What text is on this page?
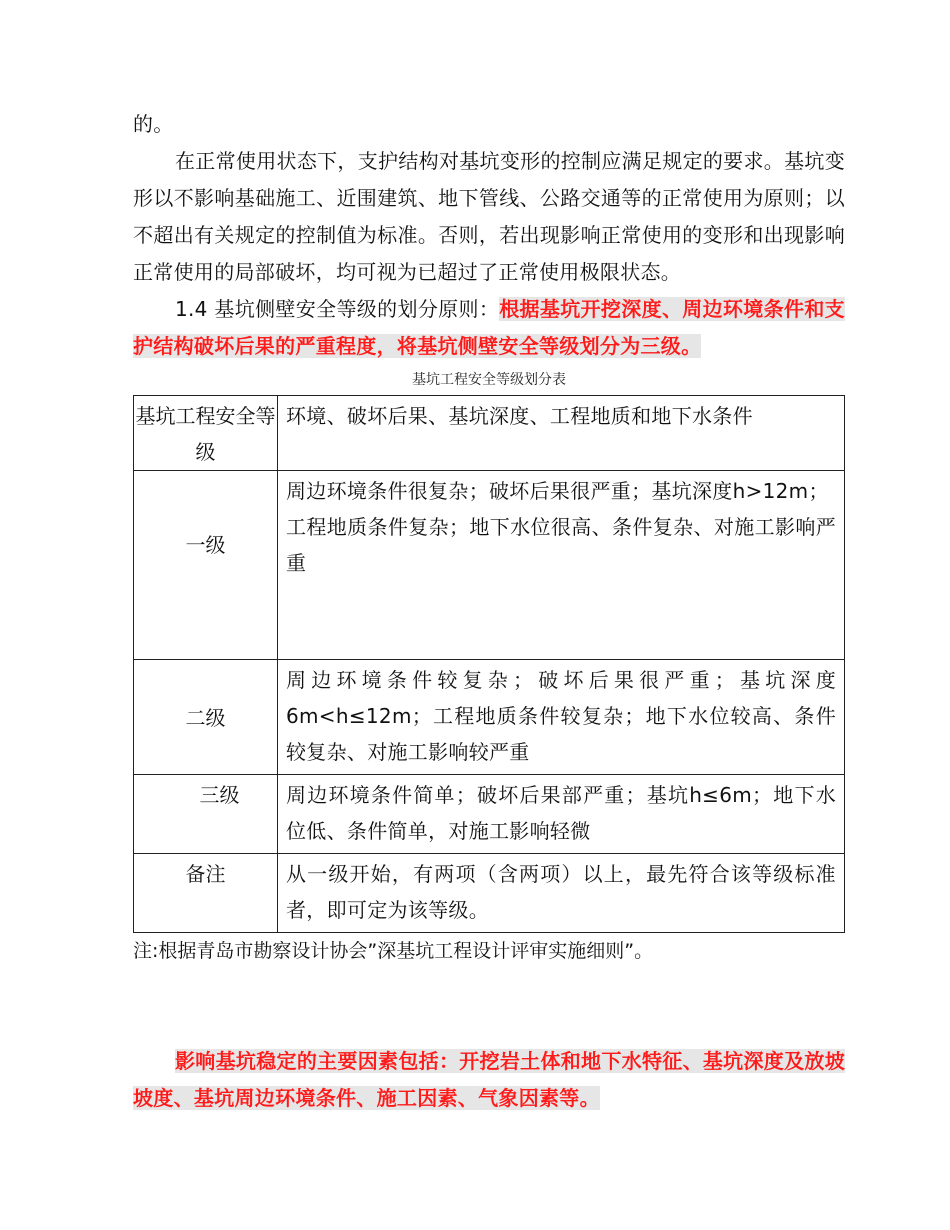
的。

在正常使用状态下，支护结构对基坑变形的控制应满足规定的要求。基坑变形以不影响基础施工、近围建筑、地下管线、公路交通等的正常使用为原则；以不超出有关规定的控制值为标准。否则，若出现影响正常使用的变形和出现影响正常使用的局部破坏，均可视为已超过了正常使用极限状态。

1.4 基坑侧壁安全等级的划分原则：根据基坑开挖深度、周边环境条件和支护结构破坏后果的严重程度，将基坑侧壁安全等级划分为三级。

基坑工程安全等级划分表

基坑工程安全等级	环境、破坏后果、基坑深度、工程地质和地下水条件
一级	周边环境条件很复杂；破坏后果很严重；基坑深度h>12m；
工程地质条件复杂；地下水位很高、条件复杂、对施工影响严重

二级	周边环境条件较复杂；破坏后果很严重；基坑深度6m<h≤12m；工程地质条件较复杂；地下水位较高、条件较复杂、对施工影响较严重
三级	周边环境条件简单；破坏后果部严重；基坑h≤6m；地下水位低、条件简单，对施工影响轻微
备注	从一级开始，有两项（含两项）以上，最先符合该等级标准者，即可定为该等级。

注:根据青岛市勘察设计协会”深基坑工程设计评审实施细则”。

影响基坑稳定的主要因素包括：开挖岩土体和地下水特征、基坑深度及放坡坡度、基坑周边环境条件、施工因素、气象因素等。
